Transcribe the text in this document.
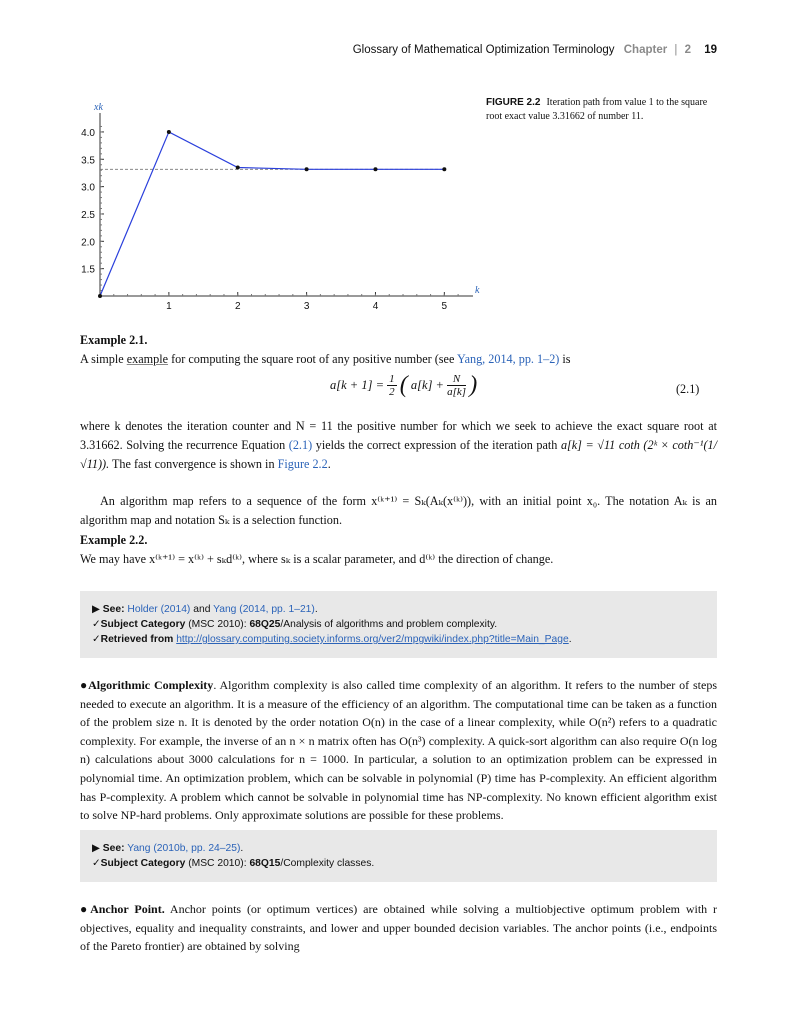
Glossary of Mathematical Optimization Terminology Chapter | 2 19
1.5
2.0
2.5
3.0
3.5
4.0
1	2	3	4	5
xk
k
FIGURE 2.2 Iteration path from value 1 to the square root exact value 3.31662 of number 11.
Example 2.1.
A simple example for computing the square root of any positive number (see Yang, 2014, pp. 1–2) is
$a[k + 1] = \frac{1}{2}$ ( $a[k] + \frac{N}{a[k]}$ )	(2.1)
where k denotes the iteration counter and N = 11 the positive number for which we seek to achieve the exact square root at 3.31662. Solving the recurrence Equation (2.1) yields the correct expression of the iteration path a[k] = √11 coth (2ᵏ × coth⁻¹(1/√11)). The fast convergence is shown in Figure 2.2.
An algorithm map refers to a sequence of the form x⁽ᵏ⁺¹⁾ = Sₖ(Aₖ(x⁽ᵏ⁾)), with an initial point x₀. The notation Aₖ is an algorithm map and notation Sₖ is a selection function.
Example 2.2.
We may have x⁽ᵏ⁺¹⁾ = x⁽ᵏ⁾ + sₖd⁽ᵏ⁾, where sₖ is a scalar parameter, and d⁽ᵏ⁾ the direction of change.
▶ See: Holder (2014) and Yang (2014, pp. 1–21).
✓Subject Category (MSC 2010): 68Q25/Analysis of algorithms and problem complexity.
✓Retrieved from http://glossary.computing.society.informs.org/ver2/mpgwiki/index.php?title=Main_Page.
●Algorithmic Complexity. Algorithm complexity is also called time complexity of an algorithm. It refers to the number of steps needed to execute an algorithm. It is a measure of the efficiency of an algorithm. The computational time can be taken as a function of the problem size n. It is denoted by the order notation O(n) in the case of a linear complexity, while O(n²) refers to a quadratic complexity. For example, the inverse of an n × n matrix often has O(n³) complexity. A quick-sort algorithm can also require O(n log n) calculations about 3000 calculations for n = 1000. In particular, a solution to an optimization problem can be expressed in polynomial time. An optimization problem, which can be solvable in polynomial (P) time has P-complexity. An efficient algorithm has P-complexity. A problem which cannot be solvable in polynomial time has NP-complexity. No known efficient algorithm exist to solve NP-hard problems. Only approximate solutions are possible for these problems.
▶ See: Yang (2010b, pp. 24–25).
✓Subject Category (MSC 2010): 68Q15/Complexity classes.
●Anchor Point. Anchor points (or optimum vertices) are obtained while solving a multiobjective optimum problem with r objectives, equality and inequality constraints, and lower and upper bounded decision variables. The anchor points (i.e., endpoints of the Pareto frontier) are obtained by solving
